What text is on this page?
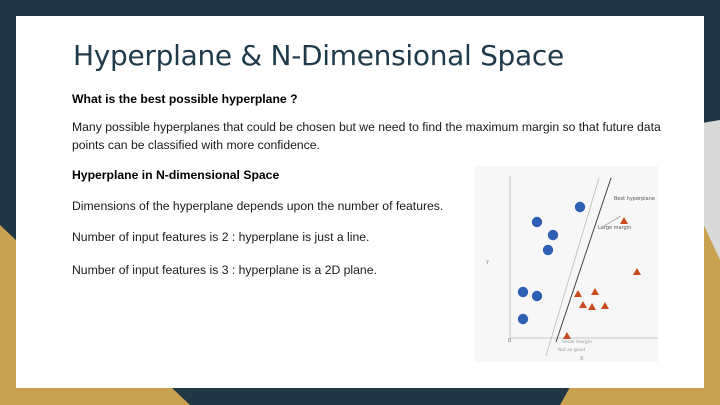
Hyperplane & N-Dimensional Space

What is the best possible hyperplane ?

Many possible hyperplanes that could be chosen but we need to find the maximum margin so that future data points can be classified with more confidence.

Hyperplane in N-dimensional Space

Dimensions of the hyperplane depends upon the number of features.

Number of input features is 2 : hyperplane is just a line.

Number of input features is 3 : hyperplane is a 2D plane.	Y
0
X
Best hyperplane
Large margin
Small margin
Not so good
